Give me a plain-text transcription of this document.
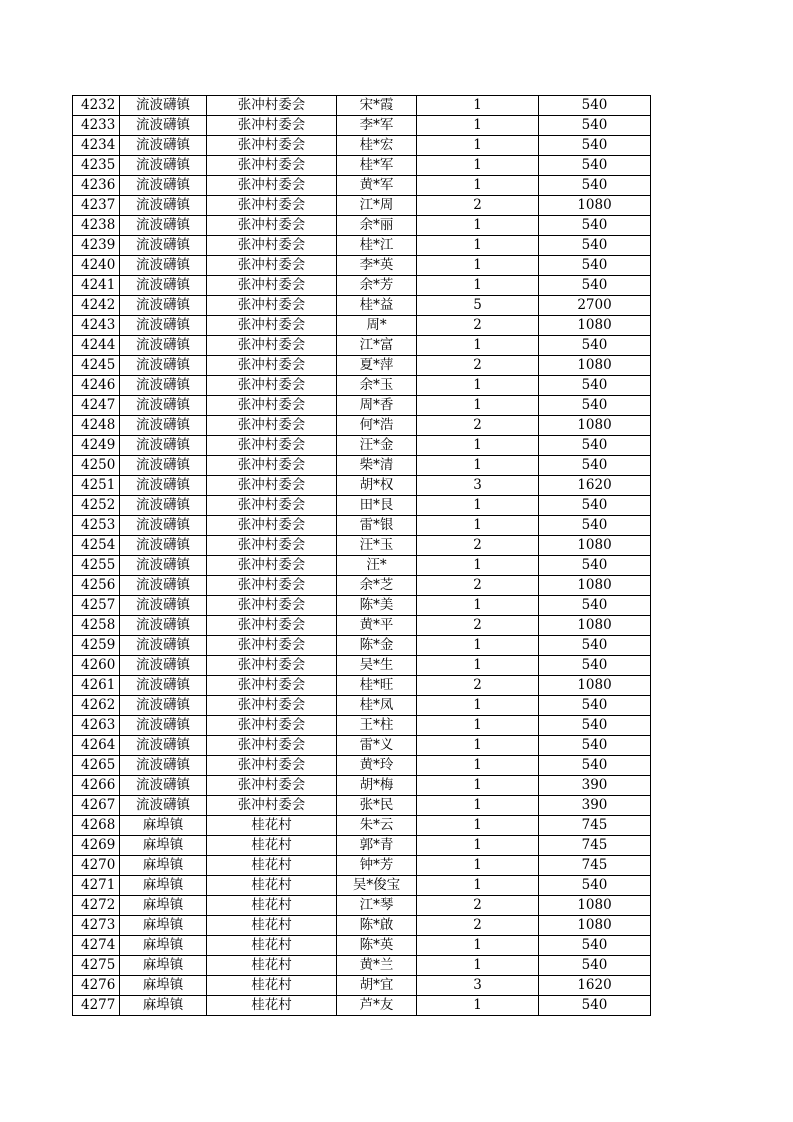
4232	流波礴镇	张冲村委会	宋*霞	1	540
4233	流波礴镇	张冲村委会	李*军	1	540
4234	流波礴镇	张冲村委会	桂*宏	1	540
4235	流波礴镇	张冲村委会	桂*军	1	540
4236	流波礴镇	张冲村委会	黄*军	1	540
4237	流波礴镇	张冲村委会	江*周	2	1080
4238	流波礴镇	张冲村委会	余*丽	1	540
4239	流波礴镇	张冲村委会	桂*江	1	540
4240	流波礴镇	张冲村委会	李*英	1	540
4241	流波礴镇	张冲村委会	余*芳	1	540
4242	流波礴镇	张冲村委会	桂*益	5	2700
4243	流波礴镇	张冲村委会	周*	2	1080
4244	流波礴镇	张冲村委会	江*富	1	540
4245	流波礴镇	张冲村委会	夏*萍	2	1080
4246	流波礴镇	张冲村委会	余*玉	1	540
4247	流波礴镇	张冲村委会	周*香	1	540
4248	流波礴镇	张冲村委会	何*浩	2	1080
4249	流波礴镇	张冲村委会	汪*金	1	540
4250	流波礴镇	张冲村委会	柴*清	1	540
4251	流波礴镇	张冲村委会	胡*权	3	1620
4252	流波礴镇	张冲村委会	田*艮	1	540
4253	流波礴镇	张冲村委会	雷*银	1	540
4254	流波礴镇	张冲村委会	汪*玉	2	1080
4255	流波礴镇	张冲村委会	汪*	1	540
4256	流波礴镇	张冲村委会	余*芝	2	1080
4257	流波礴镇	张冲村委会	陈*美	1	540
4258	流波礴镇	张冲村委会	黄*平	2	1080
4259	流波礴镇	张冲村委会	陈*金	1	540
4260	流波礴镇	张冲村委会	吴*生	1	540
4261	流波礴镇	张冲村委会	桂*旺	2	1080
4262	流波礴镇	张冲村委会	桂*凤	1	540
4263	流波礴镇	张冲村委会	王*柱	1	540
4264	流波礴镇	张冲村委会	雷*义	1	540
4265	流波礴镇	张冲村委会	黄*玲	1	540
4266	流波礴镇	张冲村委会	胡*梅	1	390
4267	流波礴镇	张冲村委会	张*民	1	390
4268	麻埠镇	桂花村	朱*云	1	745
4269	麻埠镇	桂花村	郭*青	1	745
4270	麻埠镇	桂花村	钟*芳	1	745
4271	麻埠镇	桂花村	吴*俊宝	1	540
4272	麻埠镇	桂花村	江*琴	2	1080
4273	麻埠镇	桂花村	陈*啟	2	1080
4274	麻埠镇	桂花村	陈*英	1	540
4275	麻埠镇	桂花村	黄*兰	1	540
4276	麻埠镇	桂花村	胡*宜	3	1620
4277	麻埠镇	桂花村	芦*友	1	540
